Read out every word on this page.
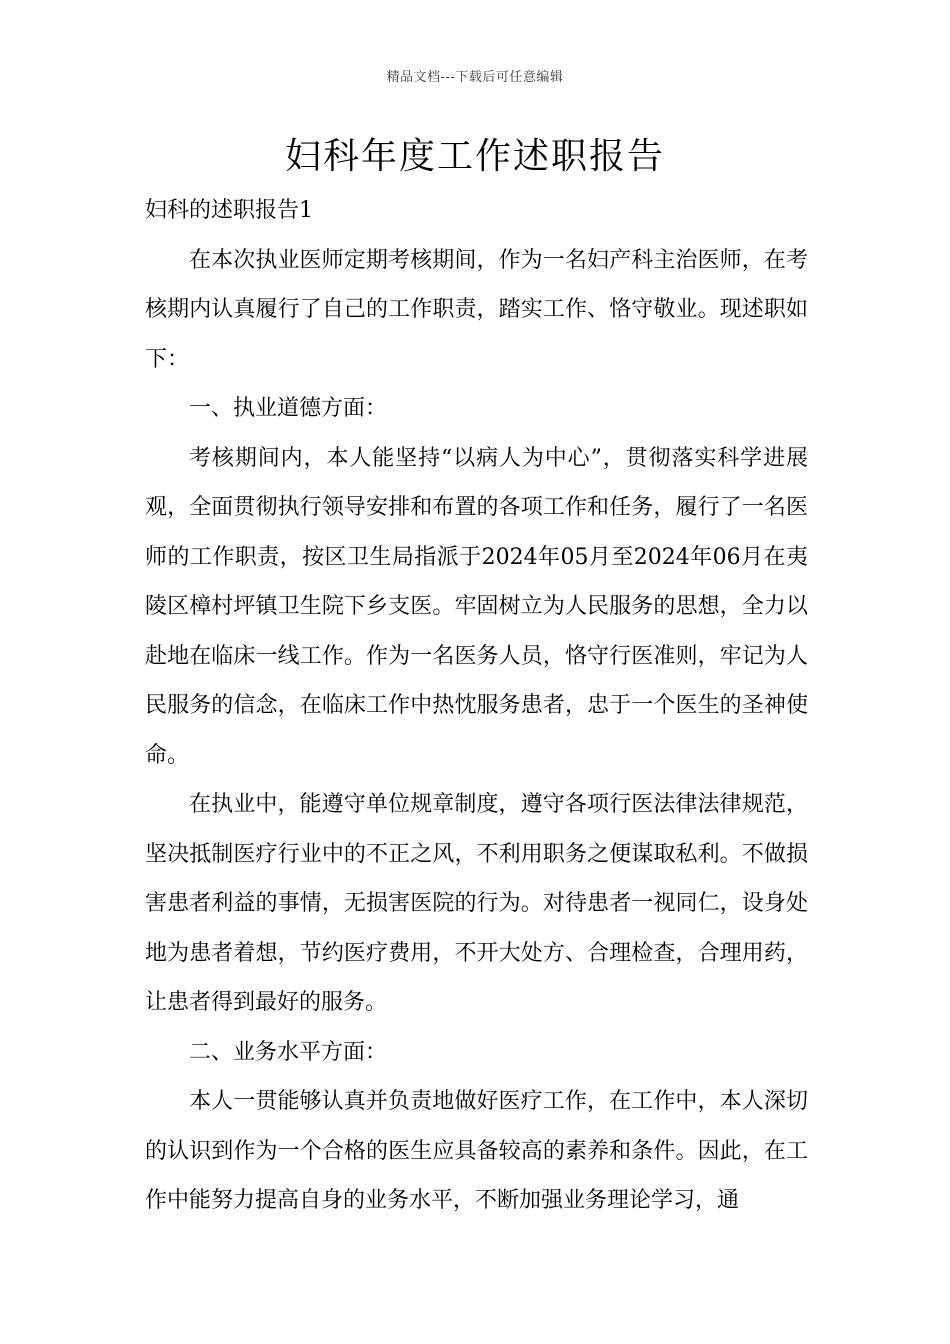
精品文档---下载后可任意编辑
妇科年度工作述职报告

妇科的述职报告1

在本次执业医师定期考核期间，作为一名妇产科主治医师，在考核期内认真履行了自己的工作职责，踏实工作、恪守敬业。现述职如下：

一、执业道德方面：

考核期间内，本人能坚持“以病人为中心”，贯彻落实科学进展观，全面贯彻执行领导安排和布置的各项工作和任务，履行了一名医师的工作职责，按区卫生局指派于2024年05月至2024年06月在夷陵区樟村坪镇卫生院下乡支医。牢固树立为人民服务的思想，全力以赴地在临床一线工作。作为一名医务人员，恪守行医准则，牢记为人民服务的信念，在临床工作中热忱服务患者，忠于一个医生的圣神使命。

在执业中，能遵守单位规章制度，遵守各项行医法律法律规范，坚决抵制医疗行业中的不正之风，不利用职务之便谋取私利。不做损害患者利益的事情，无损害医院的行为。对待患者一视同仁，设身处地为患者着想，节约医疗费用，不开大处方、合理检查，合理用药，让患者得到最好的服务。

二、业务水平方面：

本人一贯能够认真并负责地做好医疗工作，在工作中，本人深切的认识到作为一个合格的医生应具备较高的素养和条件。因此，在工作中能努力提高自身的业务水平，不断加强业务理论学习，通
